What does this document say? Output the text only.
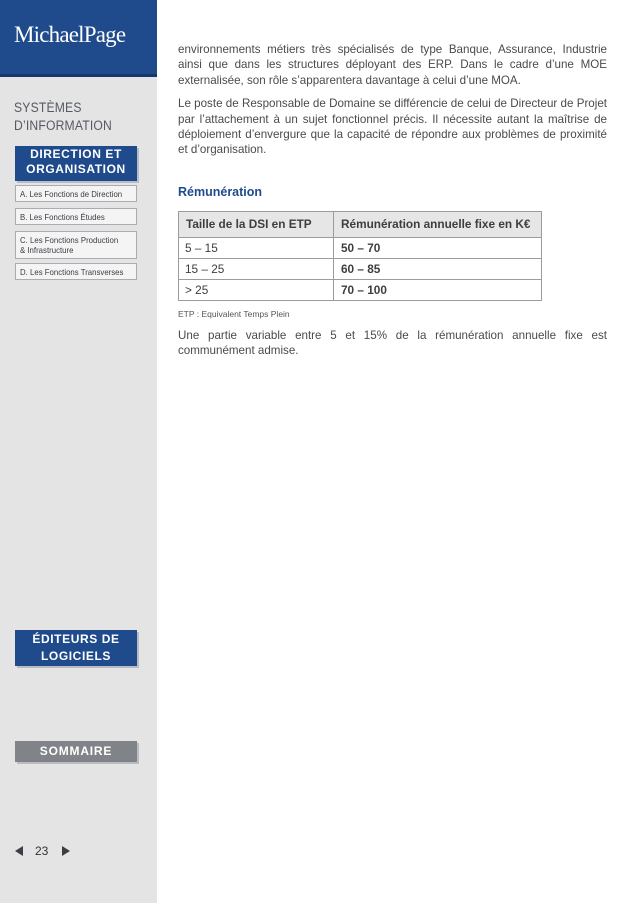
MichaelPage
SYSTÈMES
D’INFORMATION
DIRECTION ET
ORGANISATION
A. Les Fonctions de Direction
B. Les Fonctions Études
C. Les Fonctions Production
& Infrastructure
D. Les Fonctions Transverses
ÉDITEURS DE
LOGICIELS
SOMMAIRE
23

environnements métiers très spécialisés de type Banque, Assurance, Industrie ainsi que dans les structures déployant des ERP. Dans le cadre d’une MOE externalisée, son rôle s’apparentera davantage à celui d’une MOA.

Le poste de Responsable de Domaine se différencie de celui de Directeur de Projet par l’attachement à un sujet fonctionnel précis. Il nécessite autant la maîtrise de déploiement d’envergure que la capacité de répondre aux problèmes de proximité et d’organisation.

Rémunération
Taille de la DSI en ETP	Rémunération annuelle fixe en K€
5 – 15	50 – 70
15 – 25	60 – 85
> 25	70 – 100
ETP : Equivalent Temps Plein

Une partie variable entre 5 et 15% de la rémunération annuelle fixe est communément admise.
